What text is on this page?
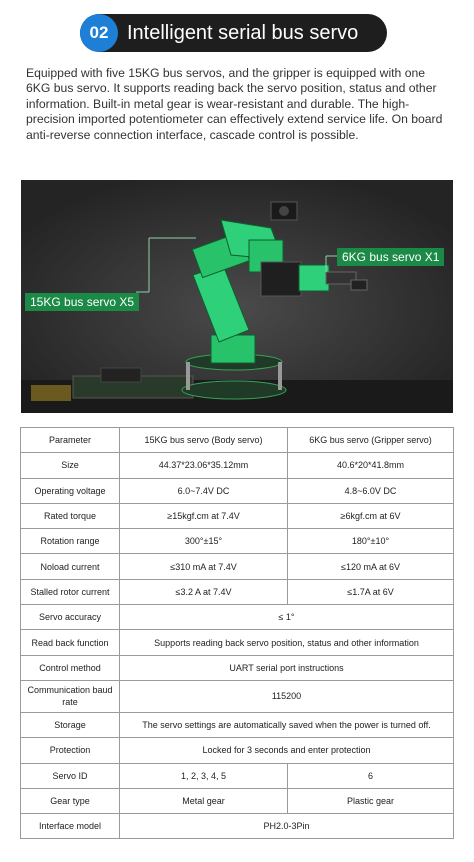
02 Intelligent serial bus servo
Equipped with five 15KG bus servos, and the gripper is equipped with one 6KG bus servo. It supports reading back the servo position, status and other information. Built-in metal gear is wear-resistant and durable. The high-precision imported potentiometer can effectively extend service life. On board anti-reverse connection interface, cascade control is possible.
6KG bus servo X1
15KG bus servo X5
Parameter	15KG bus servo (Body servo)	6KG bus servo (Gripper servo)
Size	44.37*23.06*35.12mm	40.6*20*41.8mm
Operating voltage	6.0~7.4V DC	4.8~6.0V DC
Rated torque	≥15kgf.cm at 7.4V	≥6kgf.cm at 6V
Rotation range	300°±15°	180°±10°
Noload current	≤310 mA at 7.4V	≤120 mA at 6V
Stalled rotor current	≤3.2 A at 7.4V	≤1.7A at 6V
Servo accuracy	≤ 1°	
Read back function	Supports reading back servo position, status and other information	
Control method	UART serial port instructions	
Communication baud rate	115200	
Storage	The servo settings are automatically saved when the power is turned off.	
Protection	Locked for 3 seconds and enter protection	
Servo ID	1, 2, 3, 4, 5	6
Gear type	Metal gear	Plastic gear
Interface model	PH2.0-3Pin	
